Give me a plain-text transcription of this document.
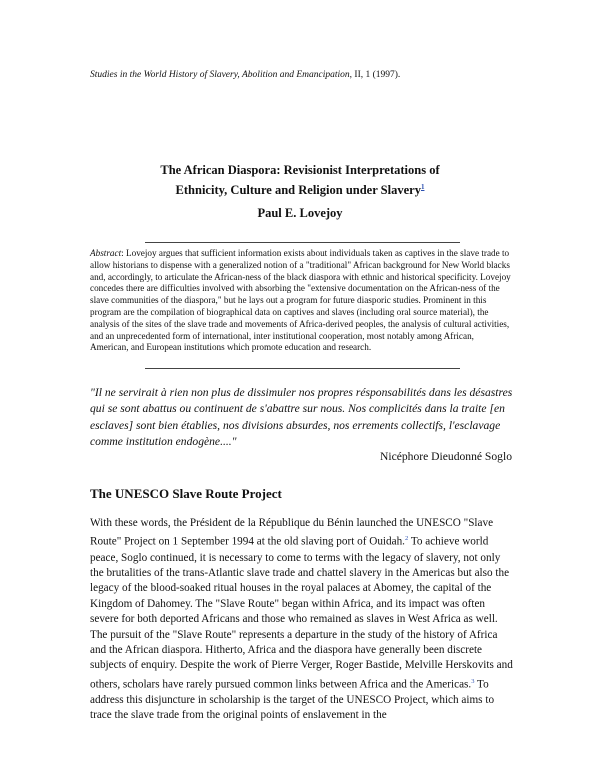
Studies in the World History of Slavery, Abolition and Emancipation, II, 1 (1997).
The African Diaspora: Revisionist Interpretations of
Ethnicity, Culture and Religion under Slavery$^1$
Paul E. Lovejoy
Abstract: Lovejoy argues that sufficient information exists about individuals taken as captives in the slave trade to allow historians to dispense with a generalized notion of a "traditional" African background for New World blacks and, accordingly, to articulate the African-ness of the black diaspora with ethnic and historical specificity. Lovejoy concedes there are difficulties involved with absorbing the "extensive documentation on the African-ness of the slave communities of the diaspora," but he lays out a program for future diasporic studies. Prominent in this program are the compilation of biographical data on captives and slaves (including oral source material), the analysis of the sites of the slave trade and movements of Africa-derived peoples, the analysis of cultural activities, and an unprecedented form of international, inter institutional cooperation, most notably among African, American, and European institutions which promote education and research.
"Il ne servirait à rien non plus de dissimuler nos propres résponsabilités dans les désastres qui se sont abattus ou continuent de s'abattre sur nous. Nos complicités dans la traite [en esclaves] sont bien établies, nos divisions absurdes, nos errements collectifs, l'esclavage comme institution endogène...."
Nicéphore Dieudonné Soglo
The UNESCO Slave Route Project

With these words, the Président de la République du Bénin launched the UNESCO "Slave Route" Project on 1 September 1994 at the old slaving port of Ouidah.$^2$ To achieve world peace, Soglo continued, it is necessary to come to terms with the legacy of slavery, not only the brutalities of the trans-Atlantic slave trade and chattel slavery in the Americas but also the legacy of the blood-soaked ritual houses in the royal palaces at Abomey, the capital of the Kingdom of Dahomey. The "Slave Route" began within Africa, and its impact was often severe for both deported Africans and those who remained as slaves in West Africa as well.

The pursuit of the "Slave Route" represents a departure in the study of the history of Africa and the African diaspora. Hitherto, Africa and the diaspora have generally been discrete subjects of enquiry. Despite the work of Pierre Verger, Roger Bastide, Melville Herskovits and others, scholars have rarely pursued common links between Africa and the Americas.$^3$ To address this disjuncture in scholarship is the target of the UNESCO Project, which aims to trace the slave trade from the original points of enslavement in the
